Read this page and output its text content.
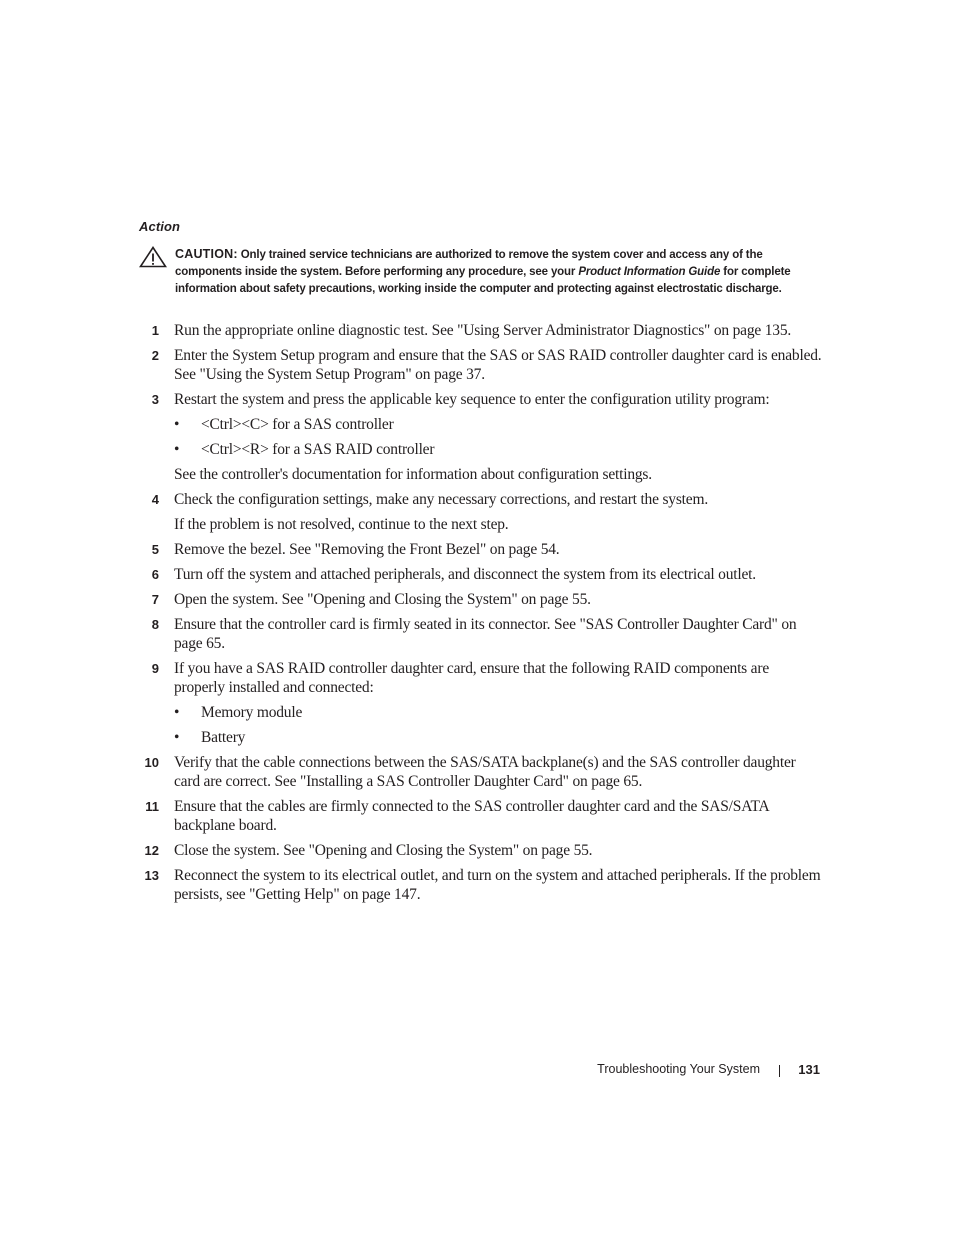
Action
CAUTION: Only trained service technicians are authorized to remove the system cover and access any of the components inside the system. Before performing any procedure, see your Product Information Guide for complete information about safety precautions, working inside the computer and protecting against electrostatic discharge.
1 Run the appropriate online diagnostic test. See "Using Server Administrator Diagnostics" on page 135.
2 Enter the System Setup program and ensure that the SAS or SAS RAID controller daughter card is enabled. See "Using the System Setup Program" on page 37.
3 Restart the system and press the applicable key sequence to enter the configuration utility program:
• <Ctrl><C> for a SAS controller
• <Ctrl><R> for a SAS RAID controller
See the controller's documentation for information about configuration settings.
4 Check the configuration settings, make any necessary corrections, and restart the system.
If the problem is not resolved, continue to the next step.
5 Remove the bezel. See "Removing the Front Bezel" on page 54.
6 Turn off the system and attached peripherals, and disconnect the system from its electrical outlet.
7 Open the system. See "Opening and Closing the System" on page 55.
8 Ensure that the controller card is firmly seated in its connector. See "SAS Controller Daughter Card" on page 65.
9 If you have a SAS RAID controller daughter card, ensure that the following RAID components are properly installed and connected:
• Memory module
• Battery
10 Verify that the cable connections between the SAS/SATA backplane(s) and the SAS controller daughter card are correct. See "Installing a SAS Controller Daughter Card" on page 65.
11 Ensure that the cables are firmly connected to the SAS controller daughter card and the SAS/SATA backplane board.
12 Close the system. See "Opening and Closing the System" on page 55.
13 Reconnect the system to its electrical outlet, and turn on the system and attached peripherals. If the problem persists, see "Getting Help" on page 147.
Troubleshooting Your System	131
